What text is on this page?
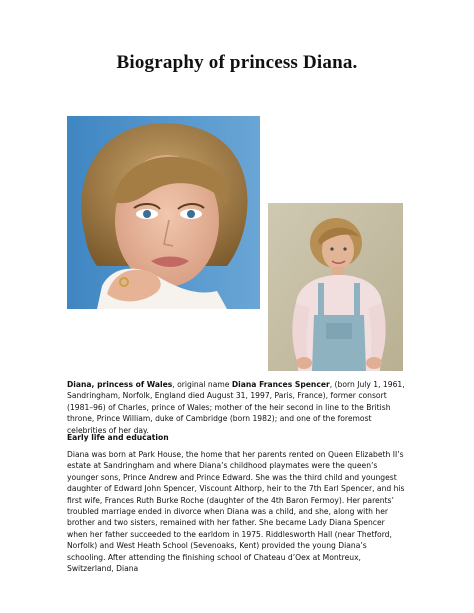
Biography of princess Diana.

Diana, princess of Wales, original name Diana Frances Spencer, (born July 1, 1961, Sandringham, Norfolk, England died August 31, 1997, Paris, France), former consort (1981–96) of Charles, prince of Wales; mother of the heir second in line to the British throne, Prince William, duke of Cambridge (born 1982); and one of the foremost celebrities of her day.

Early life and education

Diana was born at Park House, the home that her parents rented on Queen Elizabeth II’s estate at Sandringham and where Diana’s childhood playmates were the queen’s younger sons, Prince Andrew and Prince Edward. She was the third child and youngest daughter of Edward John Spencer, Viscount Althorp, heir to the 7th Earl Spencer, and his first wife, Frances Ruth Burke Roche (daughter of the 4th Baron Fermoy). Her parents’ troubled marriage ended in divorce when Diana was a child, and she, along with her brother and two sisters, remained with her father. She became Lady Diana Spencer when her father succeeded to the earldom in 1975. Riddlesworth Hall (near Thetford, Norfolk) and West Heath School (Sevenoaks, Kent) provided the young Diana’s schooling. After attending the finishing school of Chateau d’Oex at Montreux, Switzerland, Diana
